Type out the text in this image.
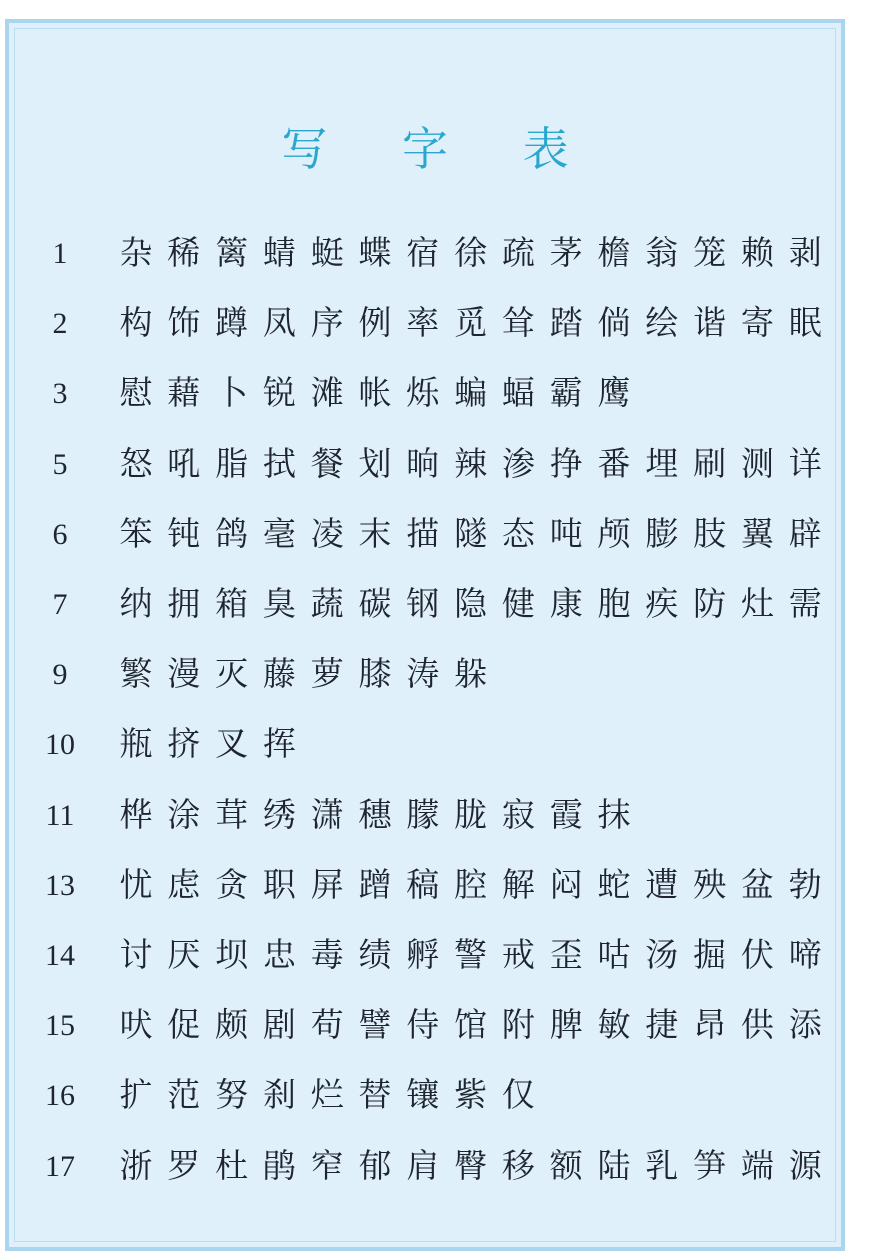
写 字 表
1	杂 稀 篱 蜻 蜓 蝶 宿 徐 疏 茅 檐 翁 笼 赖 剥
2	构 饰 蹲 凤 序 例 率 觅 耸 踏 倘 绘 谐 寄 眠
3	慰 藉 卜 锐 滩 帐 烁 蝙 蝠 霸 鹰
5	怒 吼 脂 拭 餐 划 晌 辣 渗 挣 番 埋 刷 测 详
6	笨 钝 鸽 毫 凌 末 描 隧 态 吨 颅 膨 肢 翼 辟
7	纳 拥 箱 臭 蔬 碳 钢 隐 健 康 胞 疾 防 灶 需
9	繁 漫 灭 藤 萝 膝 涛 躲
10	瓶 挤 叉 挥
11	桦 涂 茸 绣 潇 穗 朦 胧 寂 霞 抹
13	忧 虑 贪 职 屏 蹭 稿 腔 解 闷 蛇 遭 殃 盆 勃
14	讨 厌 坝 忠 毒 绩 孵 警 戒 歪 咕 汤 掘 伏 啼
15	吠 促 颇 剧 苟 譬 侍 馆 附 脾 敏 捷 昂 供 添
16	扩 范 努 刹 烂 替 镶 紫 仅
17	浙 罗 杜 鹃 窄 郁 肩 臀 移 额 陆 乳 笋 端 源
